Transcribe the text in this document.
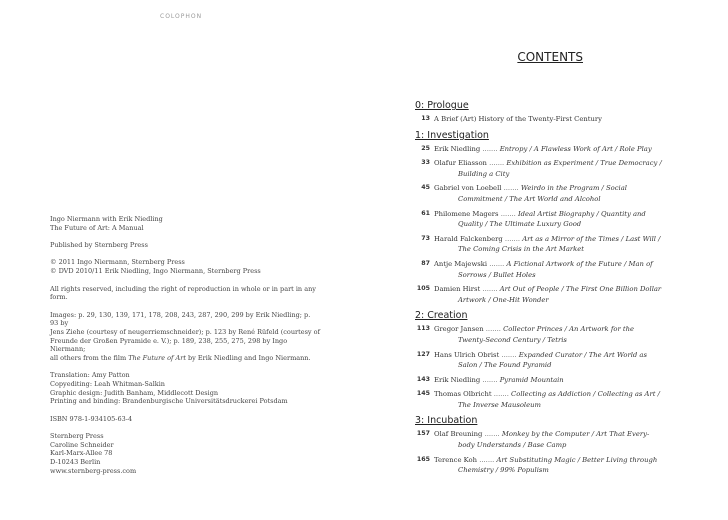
COLOPHON
Ingo Niermann with Erik Niedling
The Future of Art: A Manual

Published by Sternberg Press
© 2011 Ingo Niermann, Sternberg Press
© DVD 2010/11 Erik Niedling, Ingo Niermann, Sternberg Press
All rights reserved, including the right of reproduction in whole or in part in any
form.
Images: p. 29, 130, 139, 171, 178, 208, 243, 287, 290, 299 by Erik Niedling; p. 93 by
Jens Ziehe (courtesy of neugerriemschneider); p. 123 by René Rüfeld (courtesy of
Freunde der Großen Pyramide e. V.); p. 189, 238, 255, 275, 298 by Ingo Niermann;
all others from the film The Future of Art by Erik Niedling and Ingo Niermann.
Translation: Amy Patton
Copyediting: Leah Whitman-Salkin
Graphic design: Judith Banham, Middlecott Design
Printing and binding: Brandenburgische Universitätsdruckerei Potsdam
ISBN 978-1-934105-63-4
Sternberg Press
Caroline Schneider
Karl-Marx-Allee 78
D-10243 Berlin
www.sternberg-press.com
CONTENTS
0: Prologue
13 A Brief (Art) History of the Twenty-First Century
1: Investigation
25 Erik Niedling ....... Entropy / A Flawless Work of Art / Role Play
33 Olafur Eliasson ....... Exhibition as Experiment / True Democracy /
Building a City
45 Gabriel von Loebell ....... Weirdo in the Program / Social
Commitment / The Art World and Alcohol
61 Philomene Magers ....... Ideal Artist Biography / Quantity and
Quality / The Ultimate Luxury Good
73 Harald Falckenberg ....... Art as a Mirror of the Times / Last Will /
The Coming Crisis in the Art Market
87 Antje Majewski ....... A Fictional Artwork of the Future / Man of
Sorrows / Bullet Holes
105 Damien Hirst ....... Art Out of People / The First One Billion Dollar
Artwork / One-Hit Wonder
2: Creation
113 Gregor Jansen ....... Collector Princes / An Artwork for the
Twenty-Second Century / Tetris
127 Hans Ulrich Obrist ....... Expanded Curator / The Art World as
Salon / The Found Pyramid
143 Erik Niedling ....... Pyramid Mountain
145 Thomas Olbricht ....... Collecting as Addiction / Collecting as Art /
The Inverse Mausoleum
3: Incubation
157 Olaf Breuning ....... Monkey by the Computer / Art That Every-
body Understands / Base Camp
165 Terence Koh ....... Art Substituting Magic / Better Living through
Chemistry / 99% Populism
